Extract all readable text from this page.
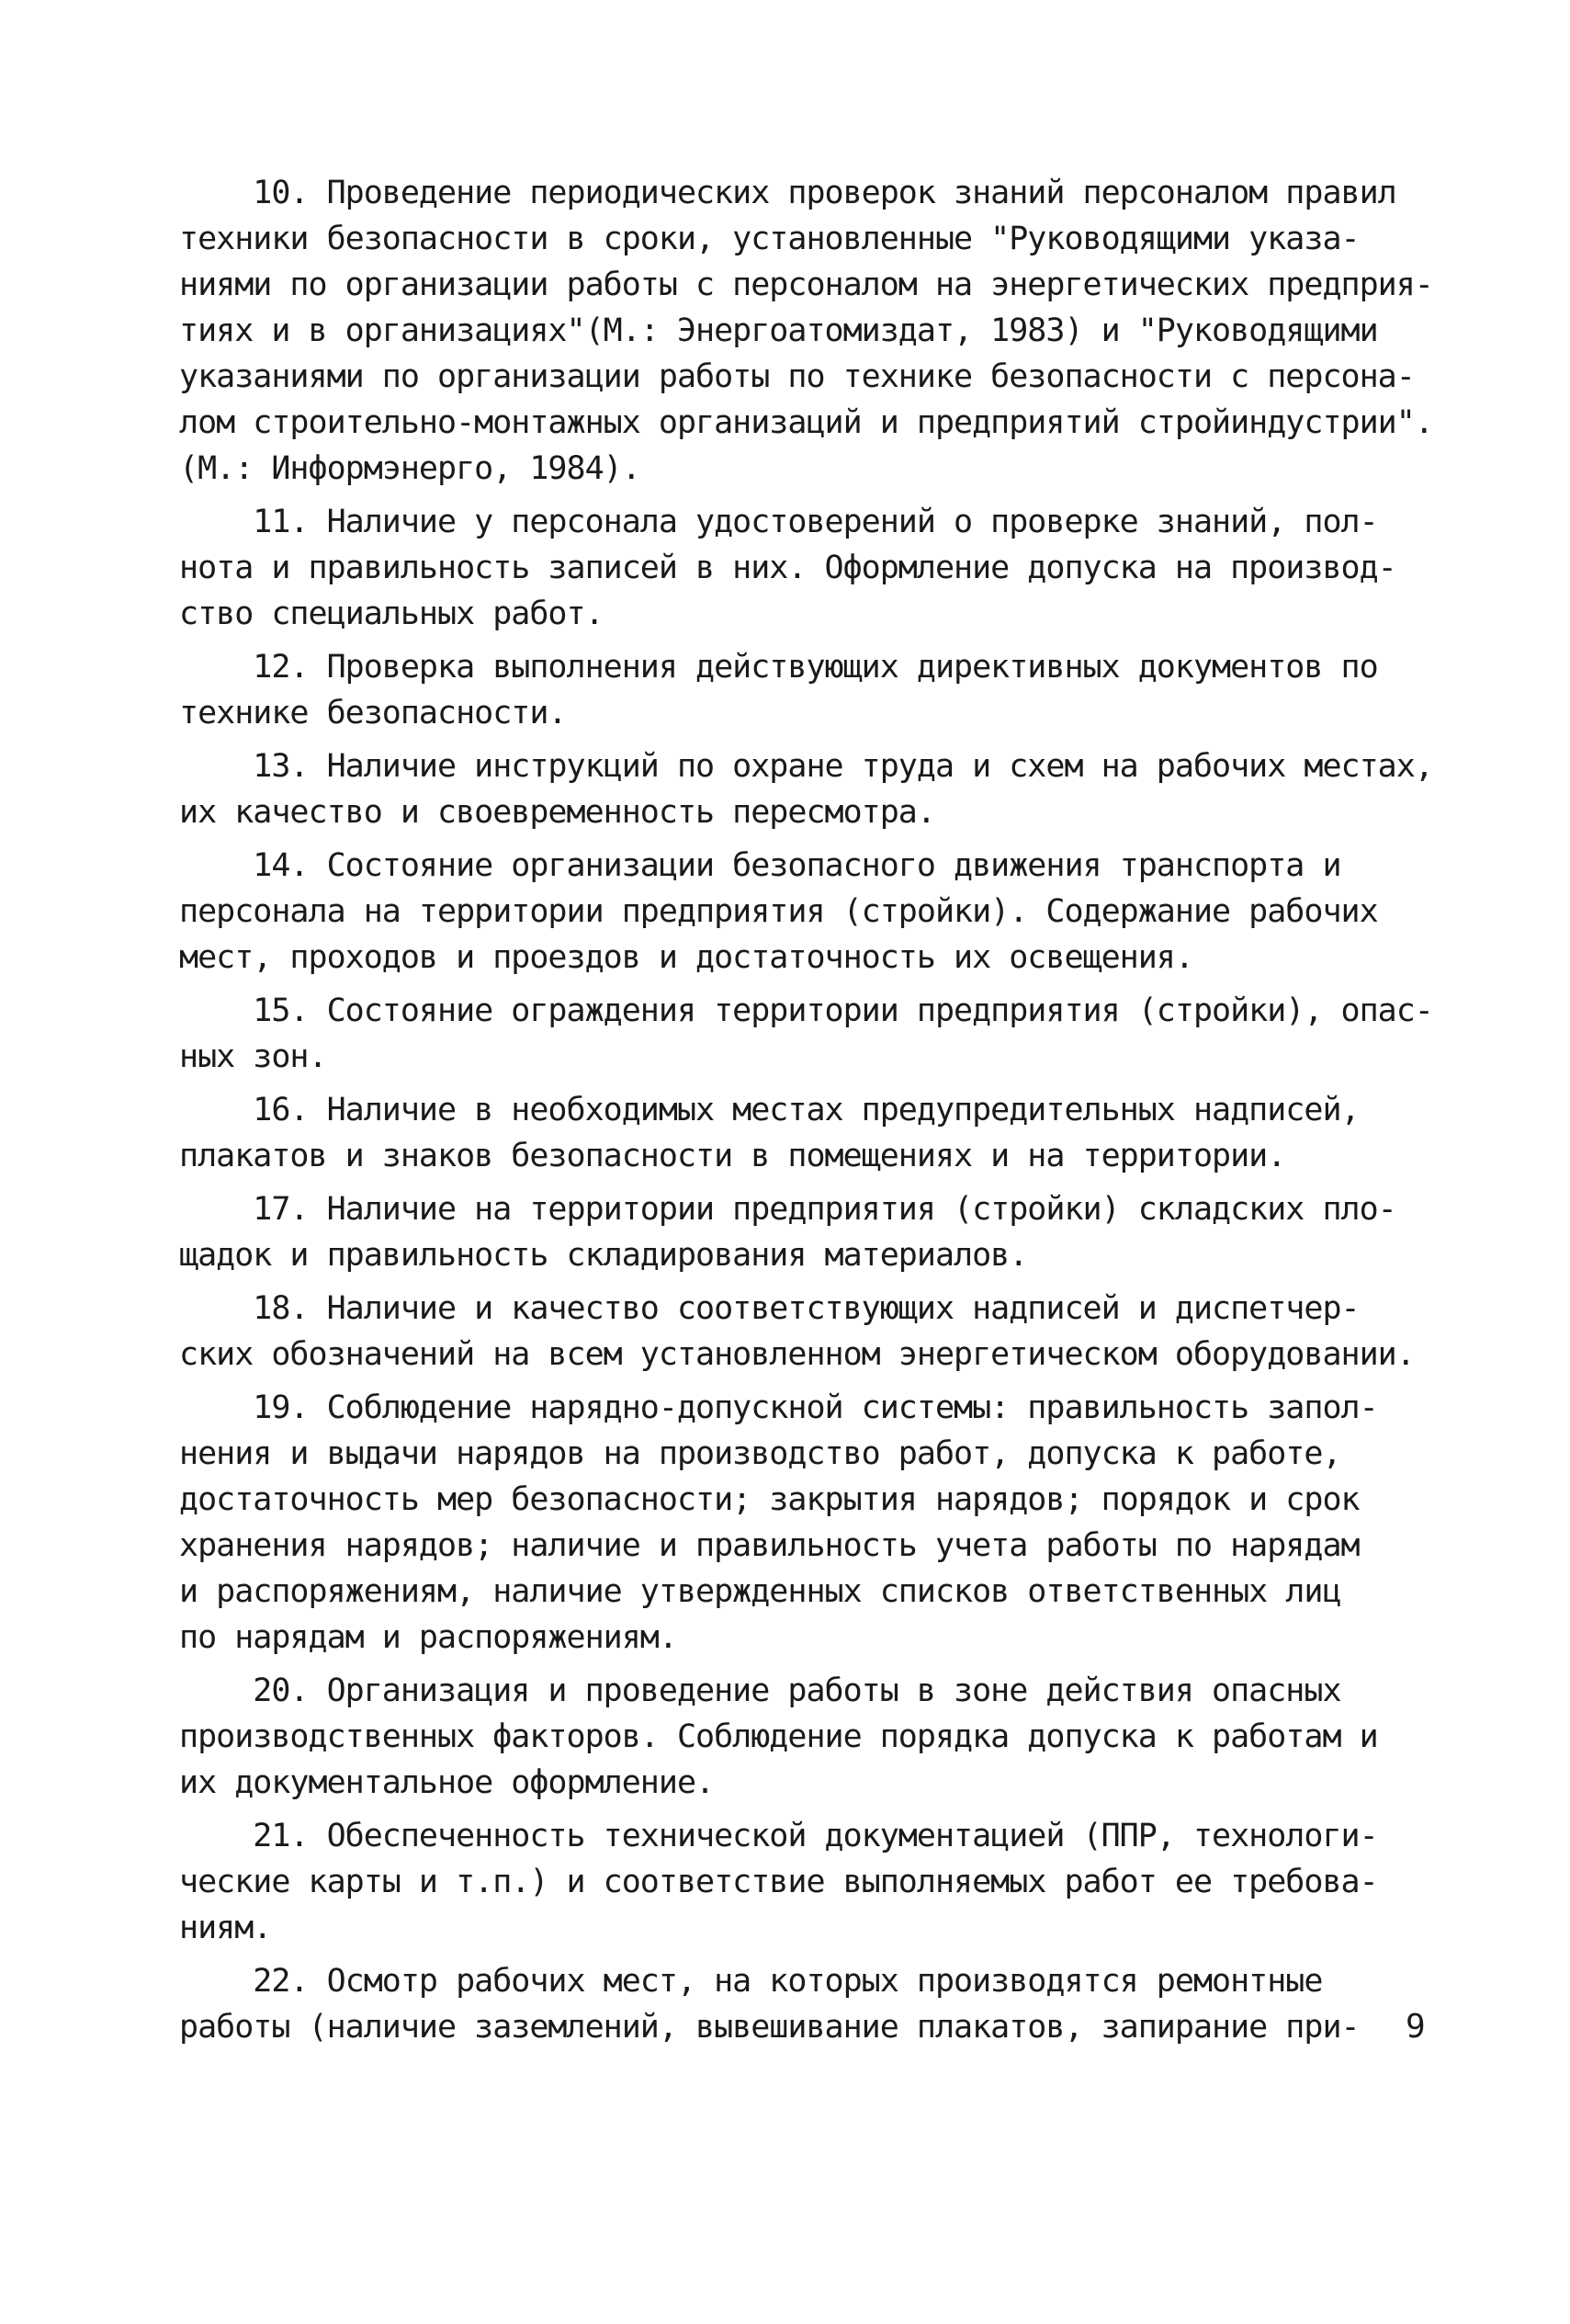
10. Проведение периодических проверок знаний персоналом правил
техники безопасности в сроки, установленные "Руководящими указа-
ниями по организации работы с персоналом на энергетических предприя-
тиях и в организациях"(М.: Энергоатомиздат, 1983) и "Руководящими
указаниями по организации работы по технике безопасности с персона-
лом строительно-монтажных организаций и предприятий стройиндустрии".
(М.: Информэнерго, 1984).
11. Наличие у персонала удостоверений о проверке знаний, пол-
нота и правильность записей в них. Оформление допуска на производ-
ство специальных работ.
12. Проверка выполнения действующих директивных документов по
технике безопасности.
13. Наличие инструкций по охране труда и схем на рабочих местах,
их качество и своевременность пересмотра.
14. Состояние организации безопасного движения транспорта и
персонала на территории предприятия (стройки). Содержание рабочих
мест, проходов и проездов и достаточность их освещения.
15. Состояние ограждения территории предприятия (стройки), опас-
ных зон.
16. Наличие в необходимых местах предупредительных надписей,
плакатов и знаков безопасности в помещениях и на территории.
17. Наличие на территории предприятия (стройки) складских пло-
щадок и правильность складирования материалов.
18. Наличие и качество соответствующих надписей и диспетчер-
ских обозначений на всем установленном энергетическом оборудовании.
19. Соблюдение нарядно-допускной системы: правильность запол-
нения и выдачи нарядов на производство работ, допуска к работе,
достаточность мер безопасности; закрытия нарядов; порядок и срок
хранения нарядов; наличие и правильность учета работы по нарядам
и распоряжениям, наличие утвержденных списков ответственных лиц
по нарядам и распоряжениям.
20. Организация и проведение работы в зоне действия опасных
производственных факторов. Соблюдение порядка допуска к работам и
их документальное оформление.
21. Обеспеченность технической документацией (ППР, технологи-
ческие карты и т.п.) и соответствие выполняемых работ ее требова-
ниям.
22. Осмотр рабочих мест, на которых производятся ремонтные
работы (наличие заземлений, вывешивание плакатов, запирание при-	9
